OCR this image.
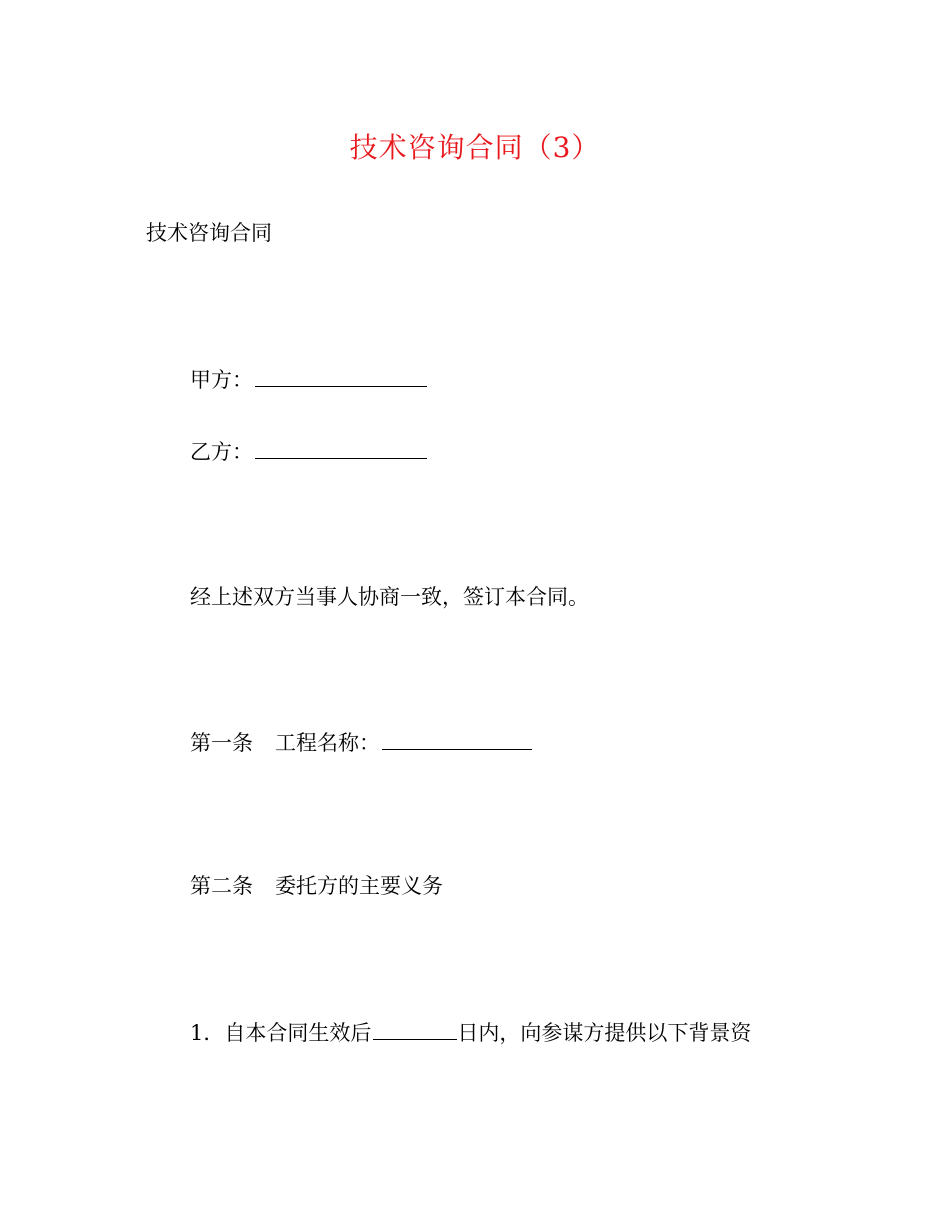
技术咨询合同（3）
技术咨询合同
甲方：
乙方：
经上述双方当事人协商一致，签订本合同。
第一条 工程名称：
第二条 委托方的主要义务
1．自本合同生效后	日内，向参谋方提供以下背景资
